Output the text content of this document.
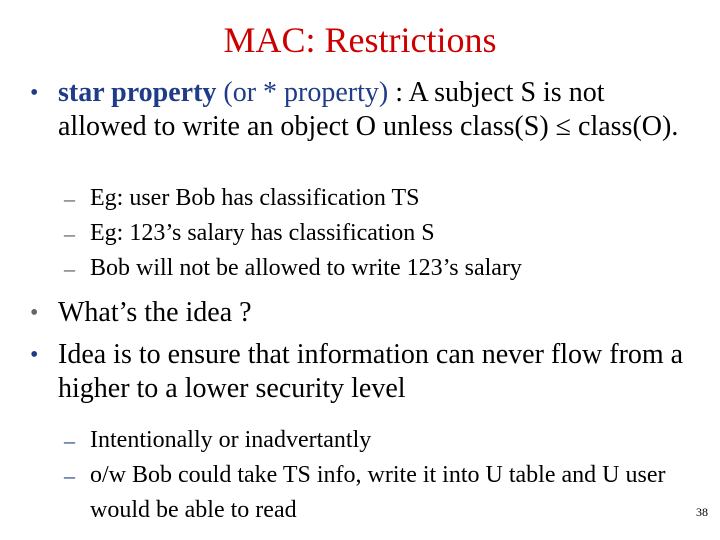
MAC: Restrictions
• star property (or * property) : A subject S is not allowed to write an object O unless class(S) ≤ class(O).
– Eg: user Bob has classification TS
– Eg: 123’s salary has classification S
– Bob will not be allowed to write 123’s salary
• What’s the idea ?
• Idea is to ensure that information can never flow from a higher to a lower security level
– Intentionally or inadvertantly
– o/w Bob could take TS info, write it into U table and U user would be able to read	38
